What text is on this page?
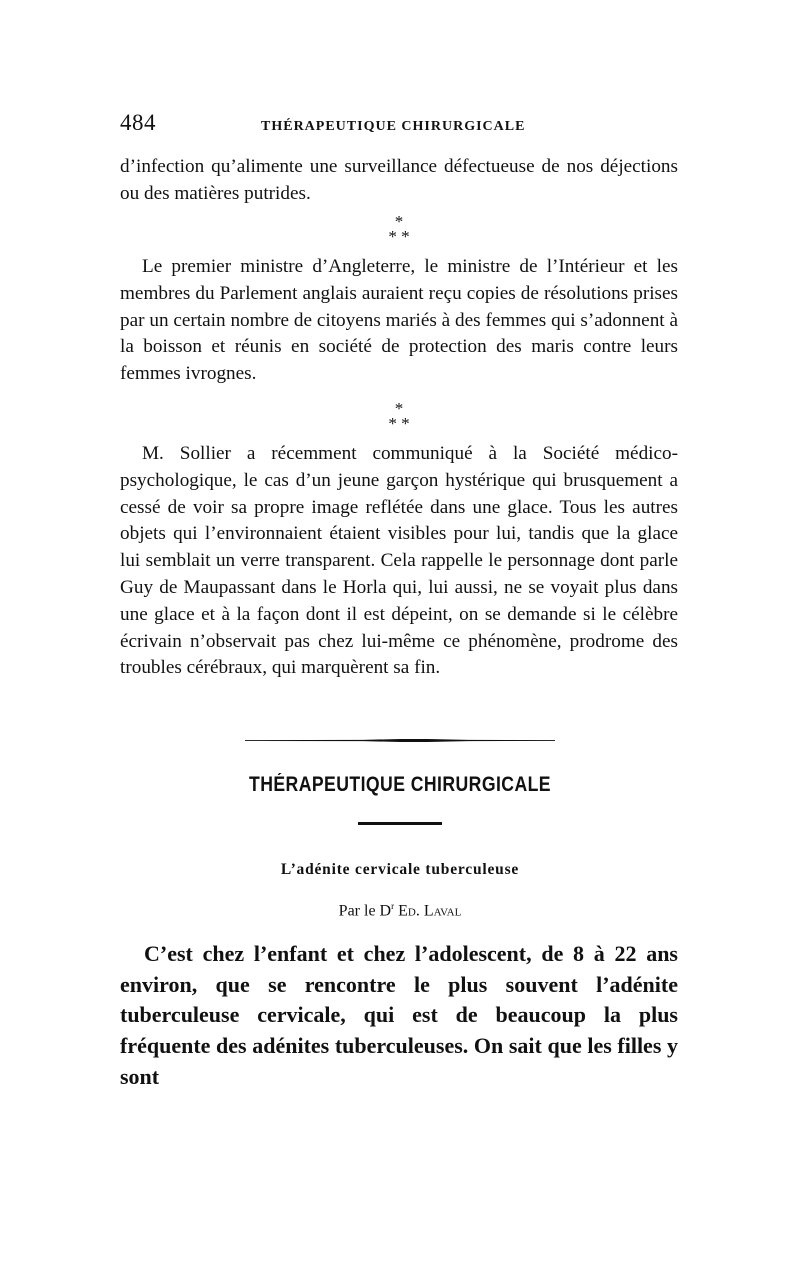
484	THÉRAPEUTIQUE CHIRURGICALE

d’infection qu’alimente une surveillance défectueuse de nos déjections ou des matières putrides.

*
* *

Le premier ministre d’Angleterre, le ministre de l’Intérieur et les membres du Parlement anglais auraient reçu copies de résolutions prises par un certain nombre de citoyens mariés à des femmes qui s’adonnent à la boisson et réunis en société de protection des maris contre leurs femmes ivrognes.

*
* *

M. Sollier a récemment communiqué à la Société médico-psychologique, le cas d’un jeune garçon hystérique qui brusquement a cessé de voir sa propre image reflétée dans une glace. Tous les autres objets qui l’environnaient étaient visibles pour lui, tandis que la glace lui semblait un verre transparent. Cela rappelle le personnage dont parle Guy de Maupassant dans le Horla qui, lui aussi, ne se voyait plus dans une glace et à la façon dont il est dépeint, on se demande si le célèbre écrivain n’observait pas chez lui-même ce phénomène, prodrome des troubles cérébraux, qui marquèrent sa fin.

THÉRAPEUTIQUE CHIRURGICALE
L’adénite cervicale tuberculeuse
Par le $D^r$ Ed. Laval

C’est chez l’enfant et chez l’adolescent, de 8 à 22 ans environ, que se rencontre le plus souvent l’adénite tuberculeuse cervicale, qui est de beaucoup la plus fréquente des adénites tuberculeuses. On sait que les filles y sont
